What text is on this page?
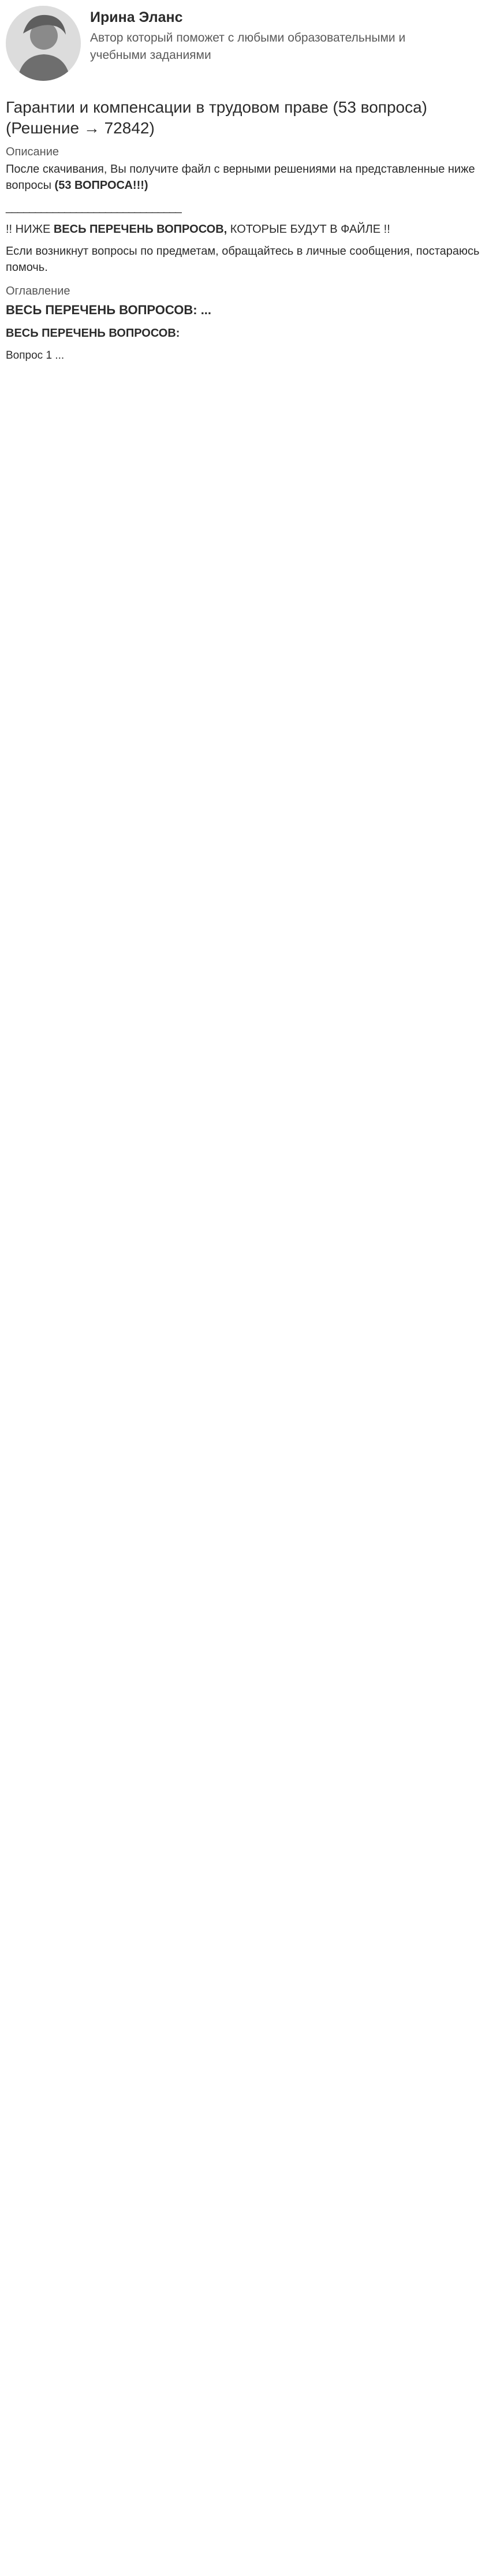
Ирина Эланс
Автор который поможет с любыми образовательными и учебными заданиями
Гарантии и компенсации в трудовом праве (53 вопроса) (Решение → 72842)
Описание
После скачивания, Вы получите файл с верными решениями на представленные ниже вопросы (53 ВОПРОСА!!!)
______________________________
!! НИЖЕ ВЕСЬ ПЕРЕЧЕНЬ ВОПРОСОВ, КОТОРЫЕ БУДУТ В ФАЙЛЕ !!
Если возникнут вопросы по предметам, обращайтесь в личные сообщения, постараюсь помочь.
Оглавление
ВЕСЬ ПЕРЕЧЕНЬ ВОПРОСОВ: ...
ВЕСЬ ПЕРЕЧЕНЬ ВОПРОСОВ:
Вопрос 1 ...
